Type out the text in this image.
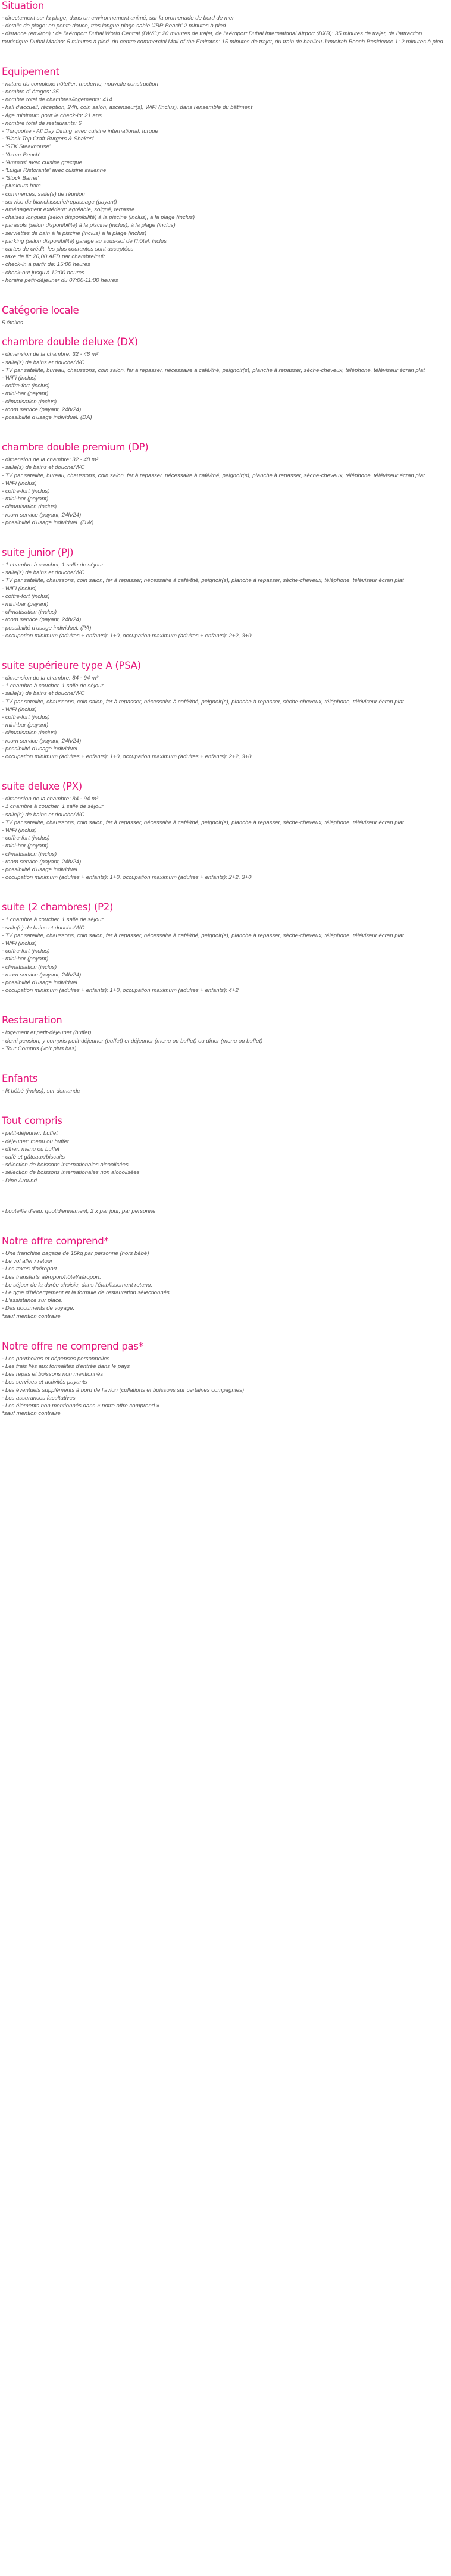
Situation
- directement sur la plage, dans un environnement animé, sur la promenade de bord de mer
- details de plage: en pente douce, très longue plage sable 'JBR Beach' 2 minutes à pied
- distance (environ) : de l'aéroport Dubai World Central (DWC): 20 minutes de trajet, de l'aéroport Dubai International Airport (DXB): 35 minutes de trajet, de l'attraction touristique Dubai Marina: 5 minutes à pied, du centre commercial Mall of the Emirates: 15 minutes de trajet, du train de banlieu Jumeirah Beach Residence 1: 2 minutes à pied
Equipement
- nature du complexe hôtelier: moderne, nouvelle construction
- nombre d' étages: 35
- nombre total de chambres/logements: 414
- hall d'accueil, réception, 24h, coin salon, ascenseur(s), WiFi (inclus), dans l'ensemble du bâtiment
- âge minimum pour le check-in: 21 ans
- nombre total de restaurants: 6
- 'Turquoise - All Day Dining' avec cuisine international, turque
- 'Black Top Craft Burgers & Shakes'
- 'STK Steakhouse'
- 'Azure Beach'
- 'Ammos' avec cuisine grecque
- 'Luigia Ristorante' avec cuisine italienne
- 'Stock Barrel'
- plusieurs bars
- commerces, salle(s) de réunion
- service de blanchisserie/repassage (payant)
- aménagement extérieur: agréable, soigné, terrasse
- chaises longues (selon disponibilité) à la piscine (inclus), à la plage (inclus)
- parasols (selon disponibilité) à la piscine (inclus), à la plage (inclus)
- serviettes de bain à la piscine (inclus) à la plage (inclus)
- parking (selon disponibilité) garage au sous-sol de l'hôtel: inclus
- cartes de crédit: les plus courantes sont acceptées
- taxe de lit: 20,00 AED par chambre/nuit
- check-in à partir de: 15:00 heures
- check-out jusqu'à 12:00 heures
- horaire petit-déjeuner du 07:00-11:00 heures
Catégorie locale
5 étoiles
chambre double deluxe (DX)
- dimension de la chambre: 32 - 48 m²
- salle(s) de bains et douche/WC
- TV par satellite, bureau, chaussons, coin salon, fer à repasser, nécessaire à café/thé, peignoir(s), planche à repasser, sèche-cheveux, téléphone, téléviseur écran plat
- WiFi (inclus)
- coffre-fort (inclus)
- mini-bar (payant)
- climatisation (inclus)
- room service (payant, 24h/24)
- possibilité d'usage individuel. (DA)
chambre double premium (DP)
- dimension de la chambre: 32 - 48 m²
- salle(s) de bains et douche/WC
- TV par satellite, bureau, chaussons, coin salon, fer à repasser, nécessaire à café/thé, peignoir(s), planche à repasser, sèche-cheveux, téléphone, téléviseur écran plat
- WiFi (inclus)
- coffre-fort (inclus)
- mini-bar (payant)
- climatisation (inclus)
- room service (payant, 24h/24)
- possibilité d'usage individuel. (DW)
suite junior (PJ)
- 1 chambre à coucher, 1 salle de séjour
- salle(s) de bains et douche/WC
- TV par satellite, chaussons, coin salon, fer à repasser, nécessaire à café/thé, peignoir(s), planche à repasser, sèche-cheveux, téléphone, téléviseur écran plat
- WiFi (inclus)
- coffre-fort (inclus)
- mini-bar (payant)
- climatisation (inclus)
- room service (payant, 24h/24)
- possibilité d'usage individuel. (PA)
- occupation minimum (adultes + enfants): 1+0, occupation maximum (adultes + enfants): 2+2, 3+0
suite supérieure type A (PSA)
- dimension de la chambre: 84 - 94 m²
- 1 chambre à coucher, 1 salle de séjour
- salle(s) de bains et douche/WC
- TV par satellite, chaussons, coin salon, fer à repasser, nécessaire à café/thé, peignoir(s), planche à repasser, sèche-cheveux, téléphone, téléviseur écran plat
- WiFi (inclus)
- coffre-fort (inclus)
- mini-bar (payant)
- climatisation (inclus)
- room service (payant, 24h/24)
- possibilité d'usage individuel
- occupation minimum (adultes + enfants): 1+0, occupation maximum (adultes + enfants): 2+2, 3+0
suite deluxe (PX)
- dimension de la chambre: 84 - 94 m²
- 1 chambre à coucher, 1 salle de séjour
- salle(s) de bains et douche/WC
- TV par satellite, chaussons, coin salon, fer à repasser, nécessaire à café/thé, peignoir(s), planche à repasser, sèche-cheveux, téléphone, téléviseur écran plat
- WiFi (inclus)
- coffre-fort (inclus)
- mini-bar (payant)
- climatisation (inclus)
- room service (payant, 24h/24)
- possibilité d'usage individuel
- occupation minimum (adultes + enfants): 1+0, occupation maximum (adultes + enfants): 2+2, 3+0
suite (2 chambres) (P2)
- 1 chambre à coucher, 1 salle de séjour
- salle(s) de bains et douche/WC
- TV par satellite, chaussons, coin salon, fer à repasser, nécessaire à café/thé, peignoir(s), planche à repasser, sèche-cheveux, téléphone, téléviseur écran plat
- WiFi (inclus)
- coffre-fort (inclus)
- mini-bar (payant)
- climatisation (inclus)
- room service (payant, 24h/24)
- possibilité d'usage individuel
- occupation minimum (adultes + enfants): 1+0, occupation maximum (adultes + enfants): 4+2
Restauration
- logement et petit-déjeuner (buffet)
- demi pension, y compris petit-déjeuner (buffet) et déjeuner (menu ou buffet) ou dîner (menu ou buffet)
- Tout Compris (voir plus bas)
Enfants
- lit bébé (inclus), sur demande
Tout compris
- petit-déjeuner: buffet
- déjeuner: menu ou buffet
- dîner: menu ou buffet
- café et gâteaux/biscuits
- sélection de boissons internationales alcoolisées
- sélection de boissons internationales non alcoolisées
- Dine Around
- bouteille d'eau: quotidiennement, 2 x par jour, par personne
Notre offre comprend*
- Une franchise bagage de 15kg par personne (hors bébé)
- Le vol aller / retour
- Les taxes d'aéroport.
- Les transferts aéroport/hôtel/aéroport.
- Le séjour de la durée choisie, dans l'établissement retenu.
- Le type d'hébergement et la formule de restauration sélectionnés.
- L'assistance sur place.
- Des documents de voyage.
*sauf mention contraire
Notre offre ne comprend pas*
- Les pourboires et dépenses personnelles
- Les frais liés aux formalités d'entrée dans le pays
- Les repas et boissons non mentionnés
- Les services et activités payants
- Les éventuels suppléments à bord de l'avion (collations et boissons sur certaines compagnies)
- Les assurances facultatives
- Les éléments non mentionnés dans « notre offre comprend »
*sauf mention contraire
